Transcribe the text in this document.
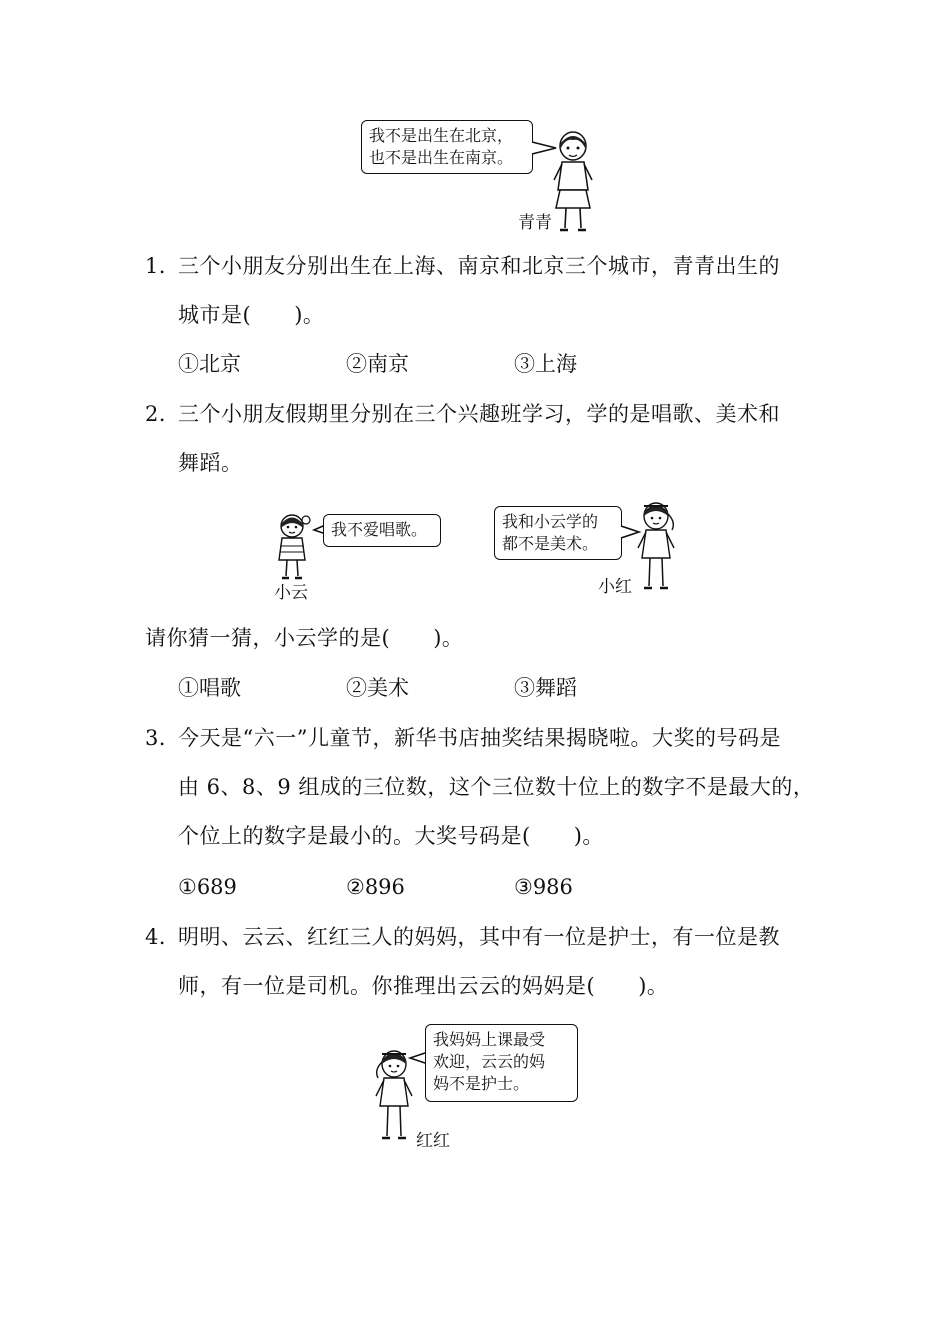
我不是出生在北京，
也不是出生在南京。
青青
1．
三个小朋友分别出生在上海、南京和北京三个城市，青青出生的
城市是(　　)。
①北京	②南京	③上海
2．
三个小朋友假期里分别在三个兴趣班学习，学的是唱歌、美术和
舞蹈。
我不爱唱歌。
小云
我和小云学的
都不是美术。
小红
请你猜一猜，小云学的是(　　)。
①唱歌	②美术	③舞蹈
3．
今天是“六一”儿童节，新华书店抽奖结果揭晓啦。大奖的号码是
由 6、8、9 组成的三位数，这个三位数十位上的数字不是最大的，
个位上的数字是最小的。大奖号码是(　　)。
①689	②896	③986
4．
明明、云云、红红三人的妈妈，其中有一位是护士，有一位是教
师，有一位是司机。你推理出云云的妈妈是(　　)。
我妈妈上课最受
欢迎，云云的妈
妈不是护士。
红红
